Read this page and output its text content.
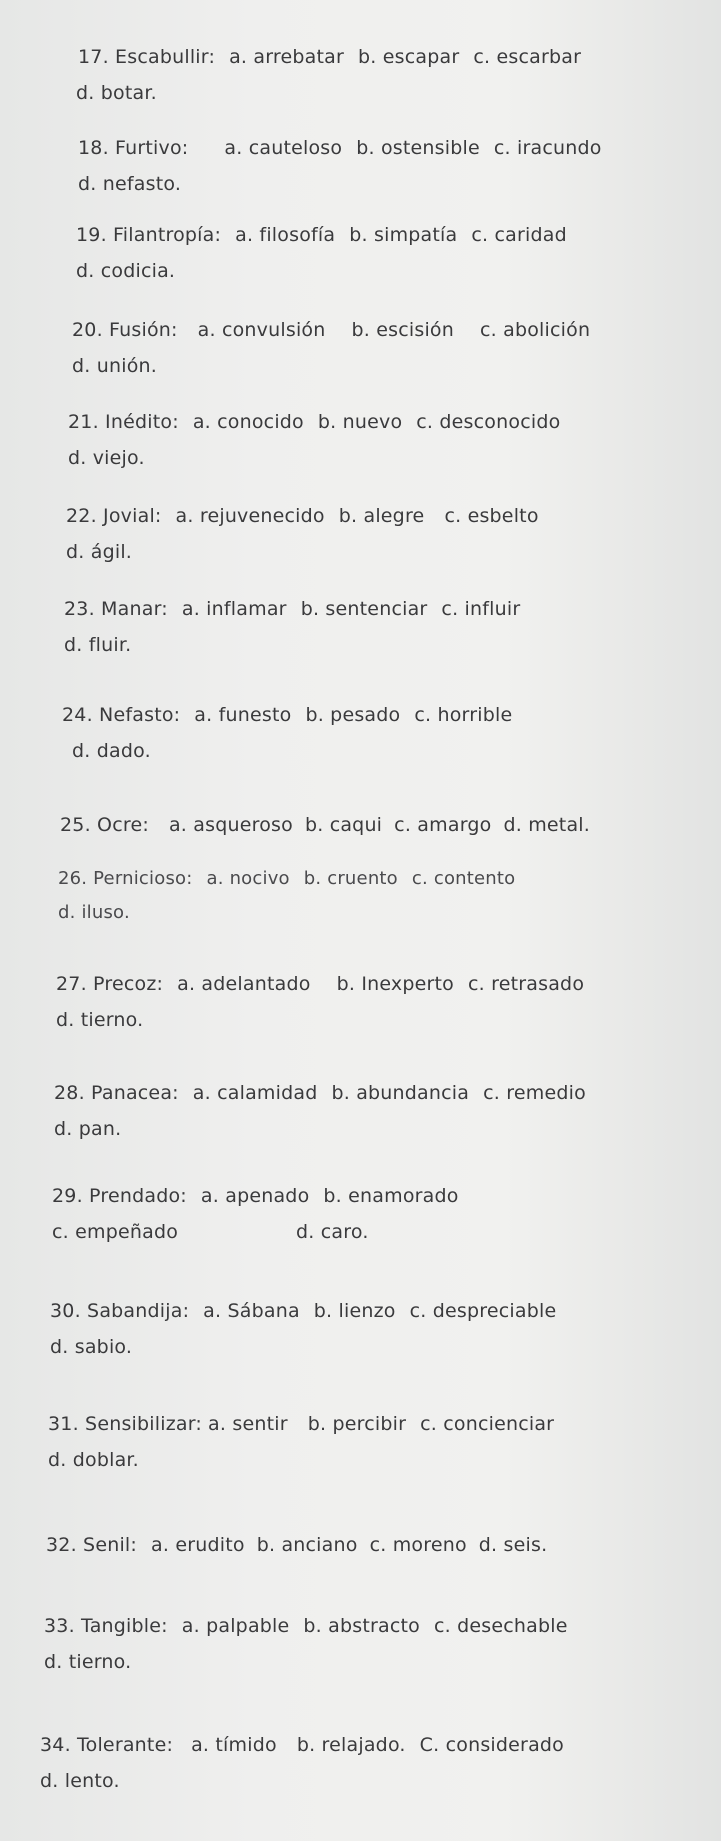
17. Escabullir: a. arrebatar b. escapar c. escarbar
d. botar.
18. Furtivo: a. cauteloso b. ostensible c. iracundo
d. nefasto.
19. Filantropía: a. filosofía b. simpatía c. caridad
d. codicia.
20. Fusión: a. convulsión b. escisión c. abolición
d. unión.
21. Inédito: a. conocido b. nuevo c. desconocido
d. viejo.
22. Jovial: a. rejuvenecido b. alegre c. esbelto
d. ágil.
23. Manar: a. inflamar b. sentenciar c. influir
d. fluir.
24. Nefasto: a. funesto b. pesado c. horrible
d. dado.
25. Ocre: a. asqueroso b. caqui c. amargo d. metal.
26. Pernicioso: a. nocivo b. cruento c. contento
d. iluso.
27. Precoz: a. adelantado b. Inexperto c. retrasado
d. tierno.
28. Panacea: a. calamidad b. abundancia c. remedio
d. pan.
29. Prendado: a. apenado b. enamorado
c. empeñado	d. caro.
30. Sabandija: a. Sábana b. lienzo c. despreciable
d. sabio.
31. Sensibilizar: a. sentir b. percibir c. concienciar
d. doblar.
32. Senil: a. erudito b. anciano c. moreno d. seis.
33. Tangible: a. palpable b. abstracto c. desechable
d. tierno.
34. Tolerante: a. tímido b. relajado. C. considerado
d. lento.
